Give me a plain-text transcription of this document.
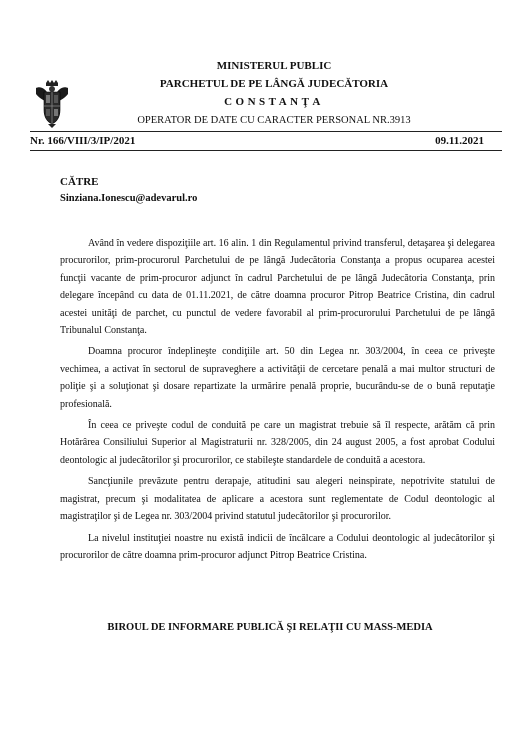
MINISTERUL PUBLIC
PARCHETUL DE PE LÂNGĂ JUDECĂTORIA
CONSTANŢA
OPERATOR DE DATE CU CARACTER PERSONAL NR.3913
Nr. 166/VIII/3/IP/2021	09.11.2021
CĂTRE
Sinziana.Ionescu@adevarul.ro

Având în vedere dispoziţiile art. 16 alin. 1 din Regulamentul privind transferul, detaşarea şi delegarea procurorilor, prim-procurorul Parchetului de pe lângă Judecătoria Constanţa a propus ocuparea acestei funcţii vacante de prim-procuror adjunct în cadrul Parchetului de pe lângă Judecătoria Constanţa, prin delegare începând cu data de 01.11.2021, de către doamna procuror Pitrop Beatrice Cristina, din cadrul acestei unităţi de parchet, cu punctul de vedere favorabil al prim-procurorului Parchetului de pe lângă Tribunalul Constanţa.

Doamna procuror îndeplineşte condiţiile art. 50 din Legea nr. 303/2004, în ceea ce priveşte vechimea, a activat în sectorul de supraveghere a activităţii de cercetare penală a mai multor structuri de poliţie şi a soluţionat şi dosare repartizate la urmărire penală proprie, bucurându-se de o bună reputaţie profesională.

În ceea ce priveşte codul de conduită pe care un magistrat trebuie să îl respecte, arătăm că prin Hotărârea Consiliului Superior al Magistraturii nr. 328/2005, din 24 august 2005, a fost aprobat Codului deontologic al judecătorilor şi procurorilor, ce stabileşte standardele de conduită a acestora.

Sancţiunile prevăzute pentru derapaje, atitudini sau alegeri neinspirate, nepotrivite statului de magistrat, precum şi modalitatea de aplicare a acestora sunt reglementate de Codul deontologic al magistraţilor şi de Legea nr. 303/2004 privind statutul judecătorilor şi procurorilor.

La nivelul instituţiei noastre nu există indicii de încălcare a Codului deontologic al judecătorilor şi procurorilor de către doamna prim-procuror adjunct Pitrop Beatrice Cristina.

BIROUL DE INFORMARE PUBLICĂ ŞI RELAŢII CU MASS-MEDIA
